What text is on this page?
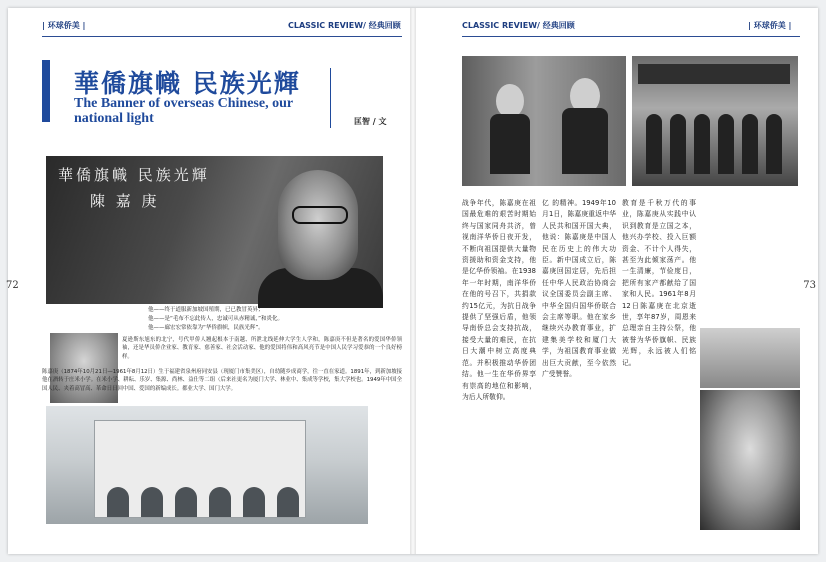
| 环球侨美 |	CLASSIC REVIEW/ 经典回顾
華僑旗幟 民族光輝
The Banner of overseas Chinese, our national light	匡智 / 文
華僑旗幟 民族光輝
陳 嘉 庚
他——终于道服新加坡国殖期，已已教冒英昇；
他——是“毛布不忘此传人，忠诚可从赤精诚，”和炎化。
他——廊宏宏常依靠为“华侨旗帜，民族光辉”。
夏逊斯东旭东的北宁，号代甲侨人翘起根本于南越、所泄北线延伸大学生人学和，陈嘉庚不但是著名的爱国华侨领袖，还是华员侨企业家、教育家、慈善家、社会活动家、他的爱国将伟和高风亮节是中国人民学习爱恭的一个良好榜样。
陈嘉庚（1874年10月21日—1961年8月12日）生于福建省泉州府同安县（现厦门市集美区），自幼随乡成商学，往一直在家道。1891年，到新加坡接他在酒转于庄米小学。在米小学、耕耘、乐岁、集源、尚林、益仕等二组（后来社更名为厦门大学、林业中、集成等学校，集大学校也。1949年中国全国人民、夹着高冒高、革命日日回中国、爱国的新编成长。都业大学、国门大学。
72
CLASSIC REVIEW/ 经典回顾	| 环球侨美 |
战争年代，陈嘉庚在祖国最危难的艰苦时期始终与国家同舟共济，曾视南洋华侨日夜开发，不断向祖国提供大量物资援助和资金支持，他是亿华侨领袖。在1938年一年时期，南洋华侨在他的号召下，共捐款约15亿元，为抗日战争提供了坚强后盾，他领导南侨总会支持抗战，接受大量的难民，在抗日大潮中树立高度典范。并积极推动华侨团结。他一生在华侨界享有崇高的地位和影响，为后人所敬仰。
亿 的精神。1949年10月1日，陈嘉庚重返中华人民共和国开国大典，他说：陈嘉庚是中国人民在历史上的伟大功臣。新中国成立后，陈嘉庚回国定居，先后担任中华人民政治协商会议全国委员会副主席、中华全国归国华侨联合会主席等职。他在家乡继续兴办教育事业，扩建集美学校和厦门大学，为祖国教育事业做出巨大贡献，至今依然广受赞誉。
教育是千秋万代的事业，陈嘉庚从实践中认识到教育是立国之本，他兴办学校、投入巨额资金、不计个人得失，甚至为此倾家荡产。他一生清廉，节俭度日，把所有家产都献给了国家和人民。1961年8月12日陈嘉庚在北京逝世，享年87岁，周恩来总理亲自主持公祭，他被誉为华侨旗帜、民族光辉，永远被人们铭记。
73
